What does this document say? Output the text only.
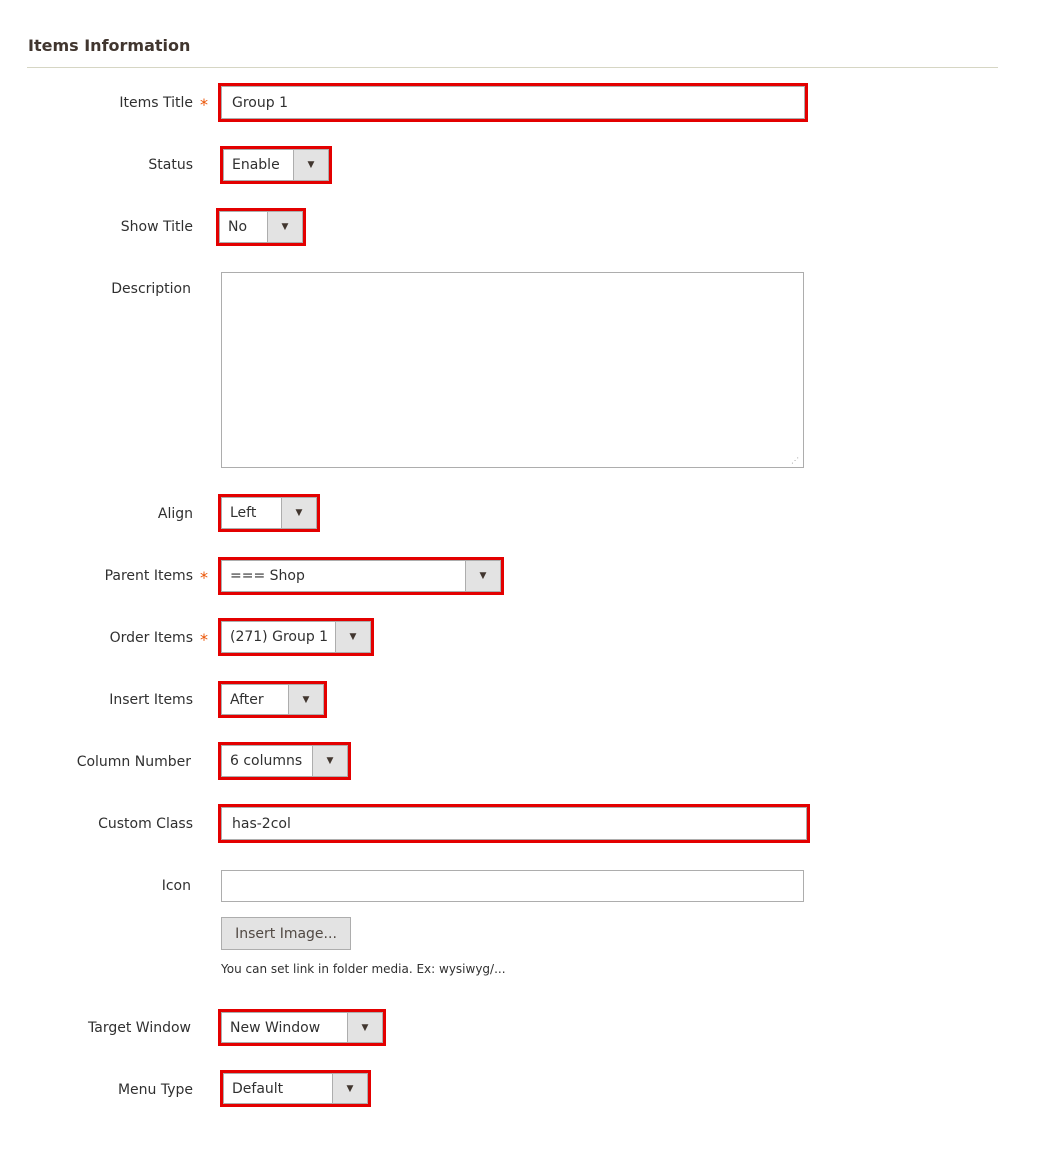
Items Information
Items Title *	Group 1
Status	Enable	▼
Show Title	No	▼
Description
⋰
Align	Left	▼
Parent Items *	=== Shop	▼
Order Items *	(271) Group 1	▼
Insert Items	After	▼
Column Number	6 columns	▼
Custom Class	has-2col
Icon
Insert Image...
You can set link in folder media. Ex: wysiwyg/...
Target Window	New Window	▼
Menu Type	Default	▼
